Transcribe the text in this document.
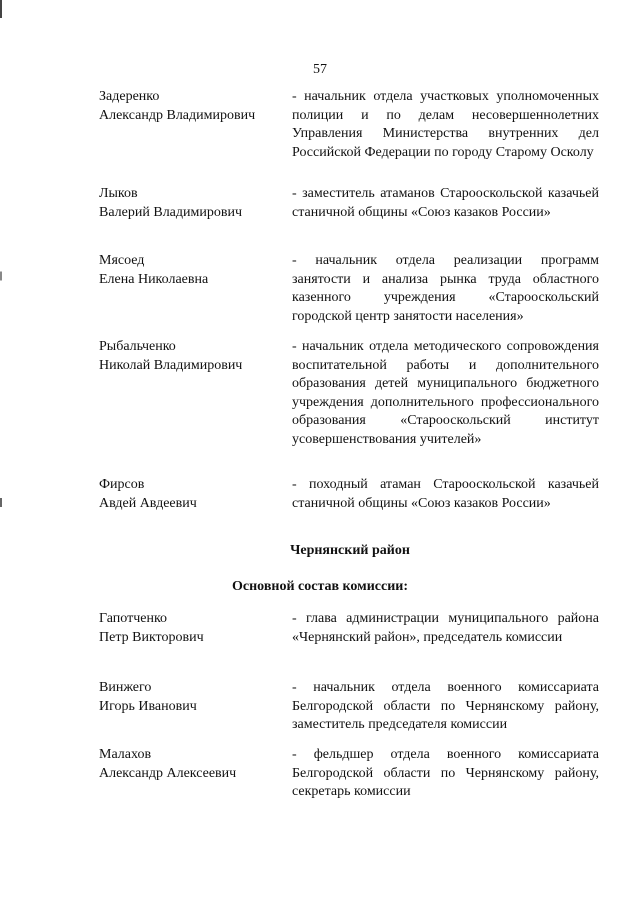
57
Задеренко
Александр Владимирович
- начальник отдела участковых уполномоченных полиции и по делам несовершеннолетних Управления Министерства внутренних дел Российской Федерации по городу Старому Осколу
Лыков
Валерий Владимирович
- заместитель атаманов Старооскольской казачьей станичной общины «Союз казаков России»
Мясоед
Елена Николаевна
- начальник отдела реализации программ занятости и анализа рынка труда областного казенного учреждения «Старооскольский городской центр занятости населения»
Рыбальченко
Николай Владимирович
- начальник отдела методического сопровождения воспитательной работы и дополнительного образования детей муниципального бюджетного учреждения дополнительного профессионального образования «Старооскольский институт усовершенствования учителей»
Фирсов
Авдей Авдеевич
- походный атаман Старооскольской казачьей станичной общины «Союз казаков России»
Чернянский район
Основной состав комиссии:
Гапотченко
Петр Викторович
- глава администрации муниципального района «Чернянский район», председатель комиссии
Винжего
Игорь Иванович
- начальник отдела военного комиссариата Белгородской области по Чернянскому району, заместитель председателя комиссии
Малахов
Александр Алексеевич
- фельдшер отдела военного комиссариата Белгородской области по Чернянскому району, секретарь комиссии
